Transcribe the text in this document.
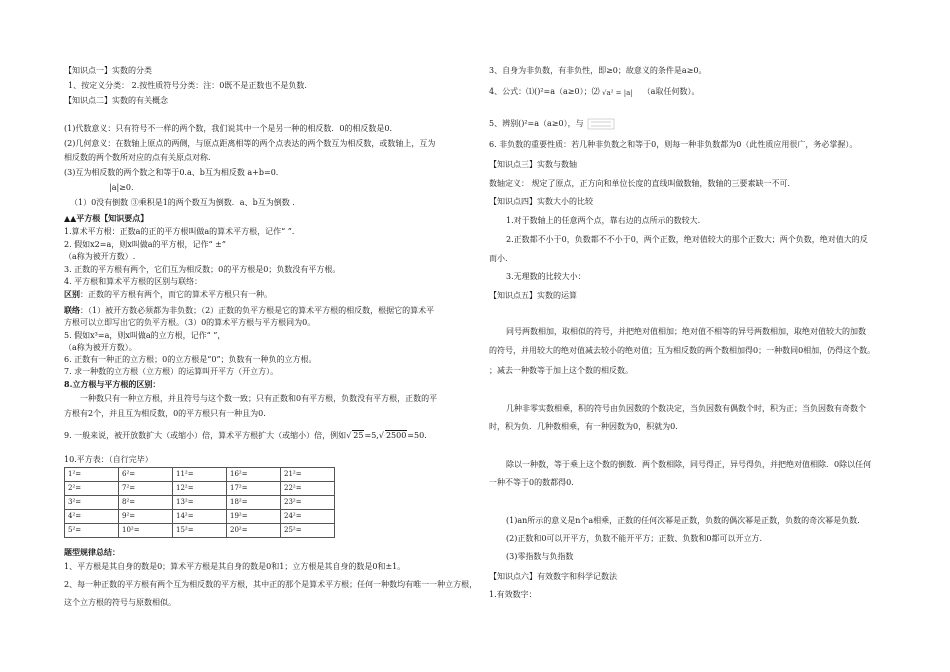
【知识点一】实数的分类
1、按定义分类： 2.按性质符号分类：注：0既不是正数也不是负数.
【知识点二】实数的有关概念
(1)代数意义：只有符号不一样的两个数，我们说其中一个是另一种的相反数．0的相反数是0.
(2)几何意义：在数轴上原点的两侧，与原点距离相等的两个点表达的两个数互为相反数，或数轴上，互为
相反数的两个数所对应的点有关原点对称.
(3)互为相反数的两个数之和等于0.a、b互为相反数 a+b=0.
|a|≥0.
（1）0没有倒数 ③乘积是1的两个数互为倒数．a、b互为倒数 .
▲▲平方根【知识要点】
1.算术平方根：正数a的正的平方根叫做a的算术平方根，记作“ ”．
2. 假如x2=a，则x叫做a的平方根，记作“ ±”
（a称为被开方数）.
3. 正数的平方根有两个，它们互为相反数；0的平方根是0；负数没有平方根。
4. 平方根和算术平方根的区别与联络：
区别：正数的平方根有两个，而它的算术平方根只有一种。
联络：（1）被开方数必须都为非负数；（2）正数的负平方根是它的算术平方根的相反数，根据它的算术平
方根可以立即写出它的负平方根。（3）0的算术平方根与平方根同为0。
5. 假如x³=a，则x叫做a的立方根，记作“ ”，
（a称为被开方数）。
6. 正数有一种正的立方根；0的立方根是“0”；负数有一种负的立方根。
7. 求一种数的立方根（立方根）的运算叫开平方（开立方）。
8.立方根与平方根的区别：
一种数只有一种立方根，并且符号与这个数一致；只有正数和0有平方根，负数没有平方根，正数的平
方根有2个，并且互为相反数，0的平方根只有一种且为0.
9. 一般来说，被开放数扩大（或缩小）倍，算术平方根扩大（或缩小）倍，例如√ 25=5,√ 2500=50.
10.平方表：（自行完毕）
1²=	6²=	11²=	16²=	21²=
2²=	7²=	12²=	17²=	22²=
3²=	8²=	13²=	18²=	23²=
4²=	9²=	14²=	19²=	24²=
5²=	10²=	15²=	20²=	25²=
题型规律总结：
1、平方根是其自身的数是0；算术平方根是其自身的数是0和1；立方根是其自身的数是0和±1。
2、每一种正数的平方根有两个互为相反数的平方根，其中正的那个是算术平方根；任何一种数均有唯一一种立方根，
这个立方根的符号与原数相似。
3、自身为非负数，有非负性，即≥0；故意义的条件是a≥0。
4、公式：⑴()²=a（a≥0）；⑵ √a² = |a| （a取任何数）。
5、辨别()²=a（a≥0），与
6. 非负数的重要性质：若几种非负数之和等于0，则每一种非负数都为0（此性质应用很广，务必掌握）。
【知识点三】实数与数轴
数轴定义： 规定了原点，正方向和单位长度的直线叫做数轴，数轴的三要素缺一不可．
【知识点四】实数大小的比较
1.对于数轴上的任意两个点，靠右边的点所示的数较大.
2.正数都不小于0，负数都不不小于0，两个正数，绝对值较大的那个正数大；两个负数，绝对值大的反
而小.
3.无理数的比较大小：
【知识点五】实数的运算
同号两数相加，取相似的符号，并把绝对值相加；绝对值不相等的异号两数相加，取绝对值较大的加数
的符号，并用较大的绝对值减去较小的绝对值；互为相反数的两个数相加得0；一种数同0相加，仍得这个数。
；减去一种数等于加上这个数的相反数。
几种非零实数相乘，积的符号由负因数的个数决定，当负因数有偶数个时，积为正；当负因数有奇数个
时，积为负．几种数相乘，有一种因数为0，积就为0.
除以一种数，等于乘上这个数的倒数．两个数相除，同号得正，异号得负，并把绝对值相除．0除以任何
一种不等于0的数都得0.
(1)an所示的意义是n个a相乘，正数的任何次幂是正数，负数的偶次幂是正数，负数的奇次幂是负数.
(2)正数和0可以开平方，负数不能开平方；正数、负数和0都可以开立方.
(3)零指数与负指数
【知识点六】有效数字和科学记数法
1.有效数字：
